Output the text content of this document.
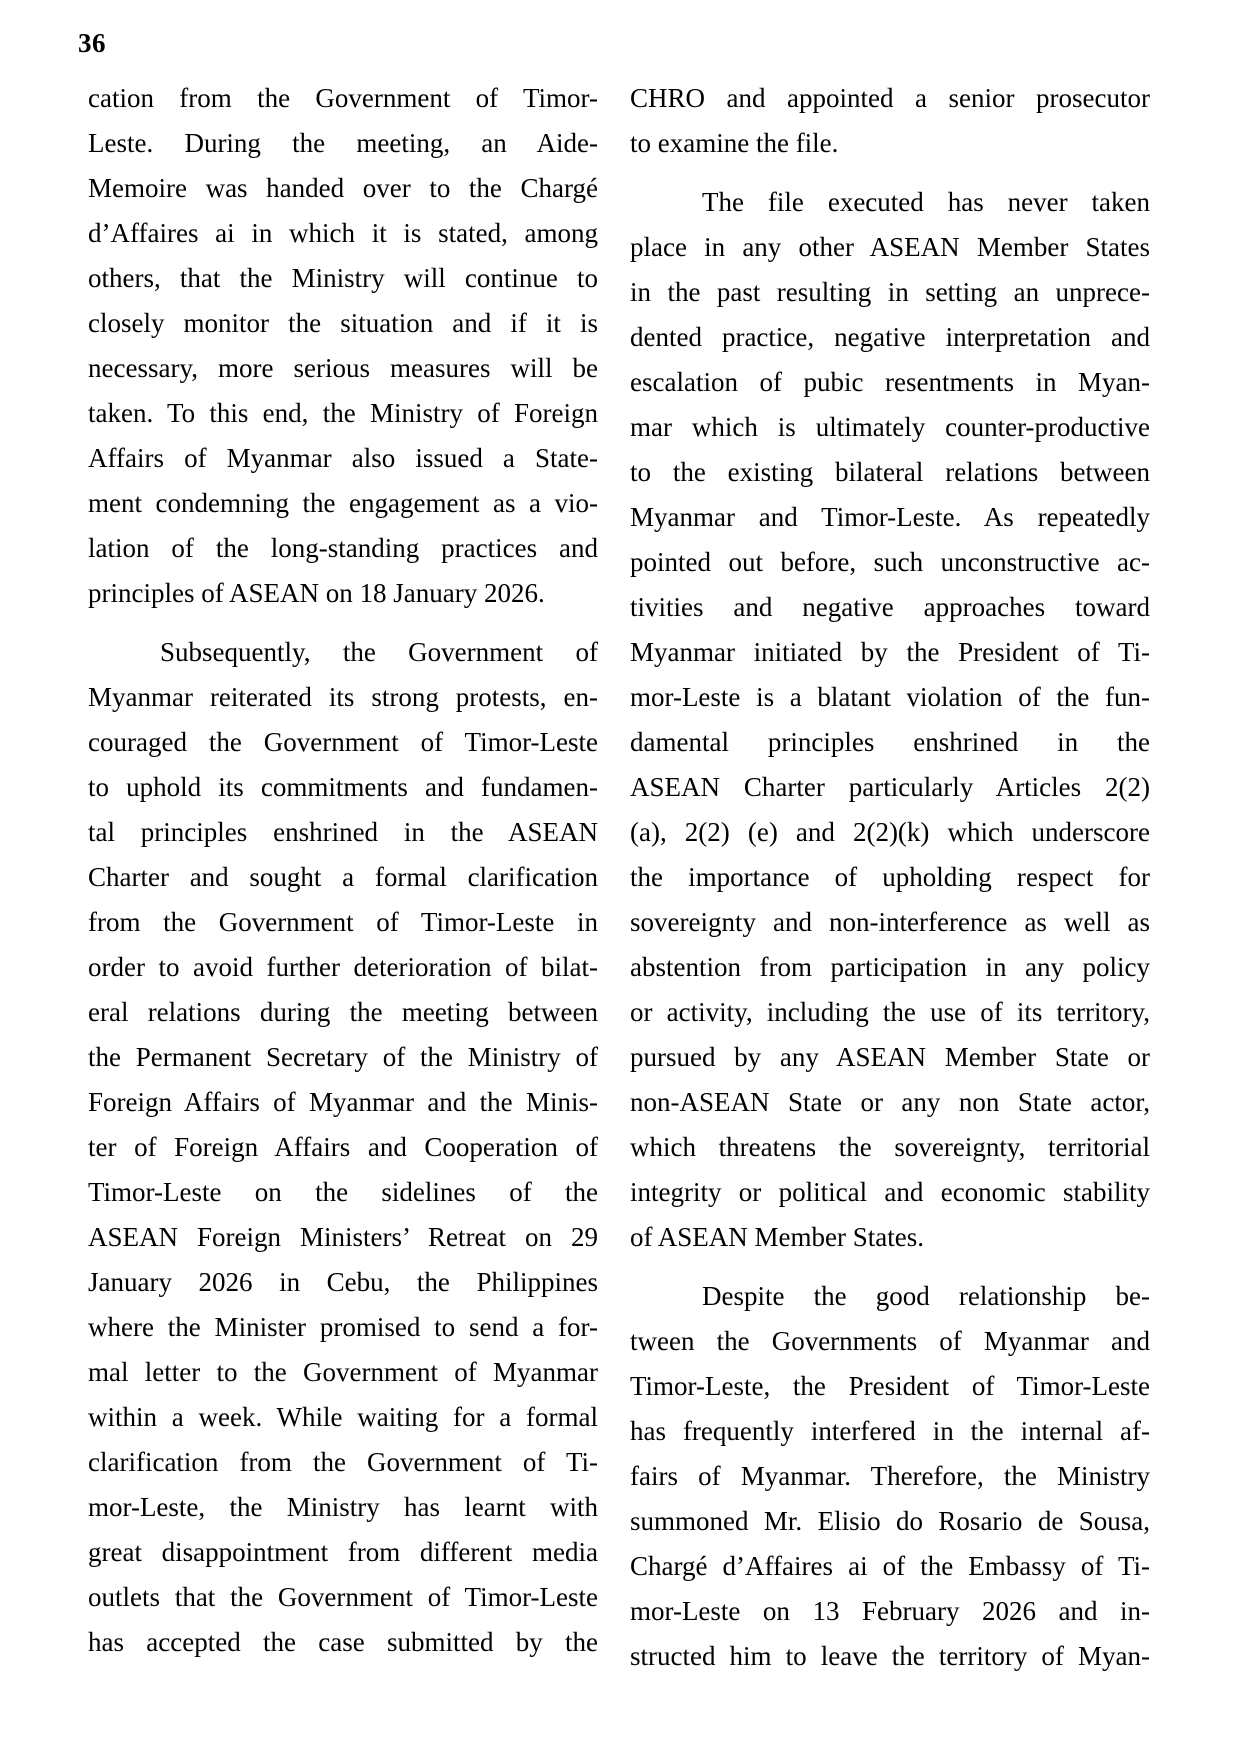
36
cation from the Government of Timor-
Leste. During the meeting, an Aide-
Memoire was handed over to the Chargé
d’Affaires ai in which it is stated, among
others, that the Ministry will continue to
closely monitor the situation and if it is
necessary, more serious measures will be
taken. To this end, the Ministry of Foreign
Affairs of Myanmar also issued a State-
ment condemning the engagement as a vio-
lation of the long-standing practices and
principles of ASEAN on 18 January 2026.
Subsequently, the Government of
Myanmar reiterated its strong protests, en-
couraged the Government of Timor-Leste
to uphold its commitments and fundamen-
tal principles enshrined in the ASEAN
Charter and sought a formal clarification
from the Government of Timor-Leste in
order to avoid further deterioration of bilat-
eral relations during the meeting between
the Permanent Secretary of the Ministry of
Foreign Affairs of Myanmar and the Minis-
ter of Foreign Affairs and Cooperation of
Timor-Leste on the sidelines of the
ASEAN Foreign Ministers’ Retreat on 29
January 2026 in Cebu, the Philippines
where the Minister promised to send a for-
mal letter to the Government of Myanmar
within a week. While waiting for a formal
clarification from the Government of Ti-
mor-Leste, the Ministry has learnt with
great disappointment from different media
outlets that the Government of Timor-Leste
has accepted the case submitted by the
CHRO and appointed a senior prosecutor
to examine the file.
The file executed has never taken
place in any other ASEAN Member States
in the past resulting in setting an unprece-
dented practice, negative interpretation and
escalation of pubic resentments in Myan-
mar which is ultimately counter-productive
to the existing bilateral relations between
Myanmar and Timor-Leste. As repeatedly
pointed out before, such unconstructive ac-
tivities and negative approaches toward
Myanmar initiated by the President of Ti-
mor-Leste is a blatant violation of the fun-
damental principles enshrined in the
ASEAN Charter particularly Articles 2(2)
(a), 2(2) (e) and 2(2)(k) which underscore
the importance of upholding respect for
sovereignty and non-interference as well as
abstention from participation in any policy
or activity, including the use of its territory,
pursued by any ASEAN Member State or
non-ASEAN State or any non State actor,
which threatens the sovereignty, territorial
integrity or political and economic stability
of ASEAN Member States.
Despite the good relationship be-
tween the Governments of Myanmar and
Timor-Leste, the President of Timor-Leste
has frequently interfered in the internal af-
fairs of Myanmar. Therefore, the Ministry
summoned Mr. Elisio do Rosario de Sousa,
Chargé d’Affaires ai of the Embassy of Ti-
mor-Leste on 13 February 2026 and in-
structed him to leave the territory of Myan-
